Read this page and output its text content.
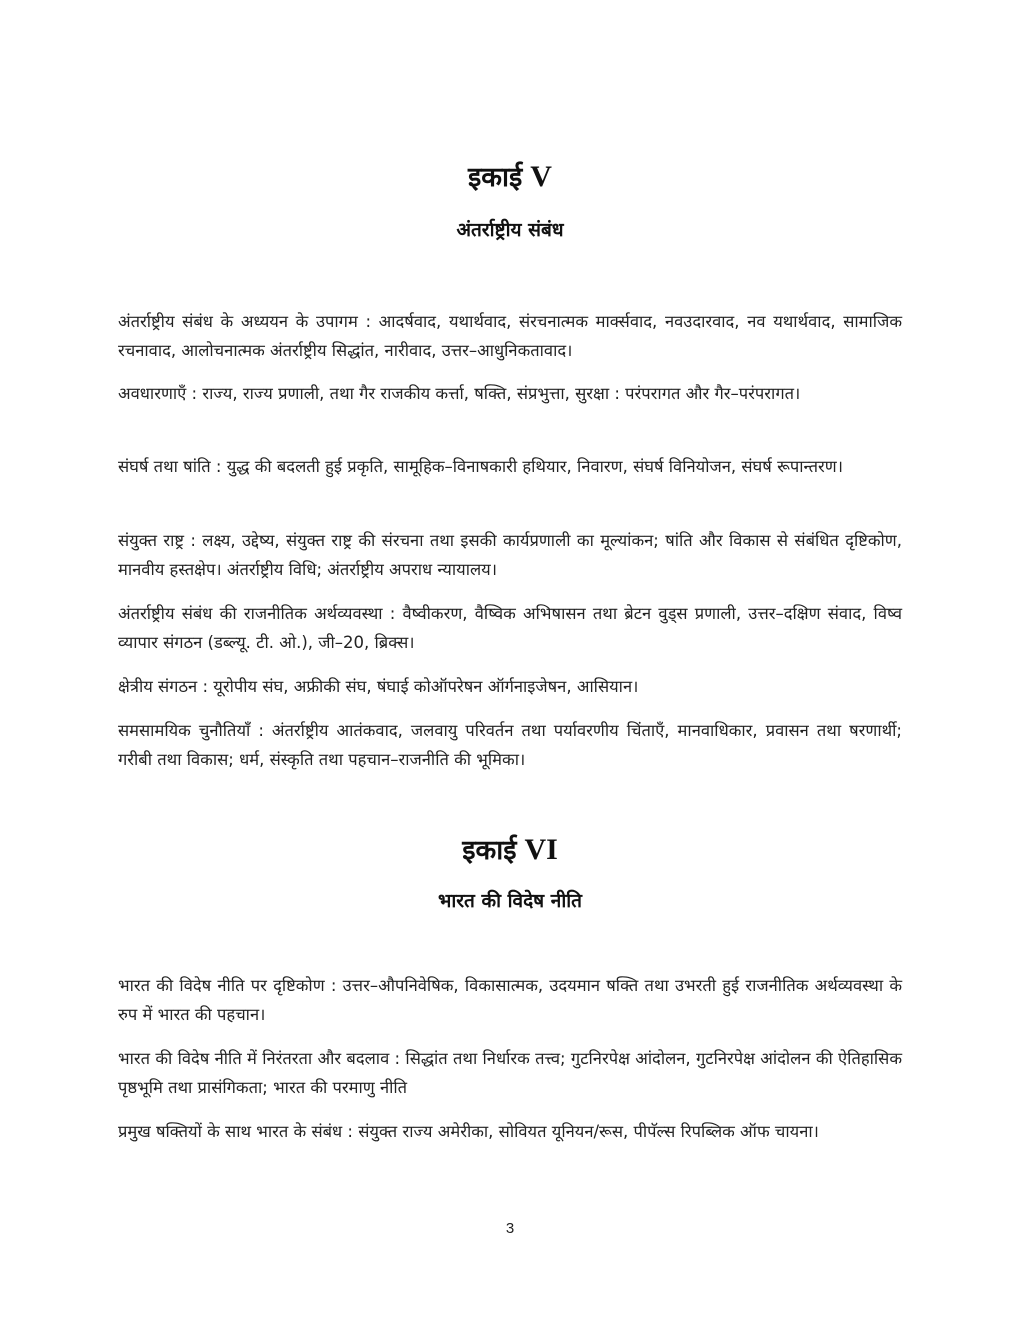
इकाई V
अंतर्राष्ट्रीय संबंध

अंतर्राष्ट्रीय संबंध के अध्ययन के उपागम : आदर्षवाद, यथार्थवाद, संरचनात्मक मार्क्सवाद, नवउदारवाद, नव यथार्थवाद, सामाजिक रचनावाद, आलोचनात्मक अंतर्राष्ट्रीय सिद्धांत, नारीवाद, उत्तर–आधुनिकतावाद।

अवधारणाएँ : राज्य, राज्य प्रणाली, तथा गैर राजकीय कर्त्ता, षक्ति, संप्रभुत्ता, सुरक्षा : परंपरागत और गैर–परंपरागत।

संघर्ष तथा षांति : युद्ध की बदलती हुई प्रकृति, सामूहिक–विनाषकारी हथियार, निवारण, संघर्ष विनियोजन, संघर्ष रूपान्तरण।

संयुक्त राष्ट्र : लक्ष्य, उद्देष्य, संयुक्त राष्ट्र की संरचना तथा इसकी कार्यप्रणाली का मूल्यांकन; षांति और विकास से संबंधित दृष्टिकोण, मानवीय हस्तक्षेप। अंतर्राष्ट्रीय विधि; अंतर्राष्ट्रीय अपराध न्यायालय।

अंतर्राष्ट्रीय संबंध की राजनीतिक अर्थव्यवस्था : वैष्वीकरण, वैष्विक अभिषासन तथा ब्रेटन वुड्स प्रणाली, उत्तर–दक्षिण संवाद, विष्व व्यापार संगठन (डब्ल्यू. टी. ओ.), जी–20, ब्रिक्स।

क्षेत्रीय संगठन : यूरोपीय संघ, अफ्रीकी संघ, षंघाई कोऑपरेषन ऑर्गनाइजेषन, आसियान।

समसामयिक चुनौतियाँ : अंतर्राष्ट्रीय आतंकवाद, जलवायु परिवर्तन तथा पर्यावरणीय चिंताएँ, मानवाधिकार, प्रवासन तथा षरणार्थी; गरीबी तथा विकास; धर्म, संस्कृति तथा पहचान–राजनीति की भूमिका।

इकाई VI
भारत की विदेष नीति

भारत की विदेष नीति पर दृष्टिकोण : उत्तर–औपनिवेषिक, विकासात्मक, उदयमान षक्ति तथा उभरती हुई राजनीतिक अर्थव्यवस्था के रुप में भारत की पहचान।

भारत की विदेष नीति में निरंतरता और बदलाव : सिद्धांत तथा निर्धारक तत्त्व; गुटनिरपेक्ष आंदोलन, गुटनिरपेक्ष आंदोलन की ऐतिहासिक पृष्ठभूमि तथा प्रासंगिकता; भारत की परमाणु नीति

प्रमुख षक्तियों के साथ भारत के संबंध : संयुक्त राज्य अमेरीका, सोवियत यूनियन/रूस, पीपॅल्स रिपब्लिक ऑफ चायना।

3
